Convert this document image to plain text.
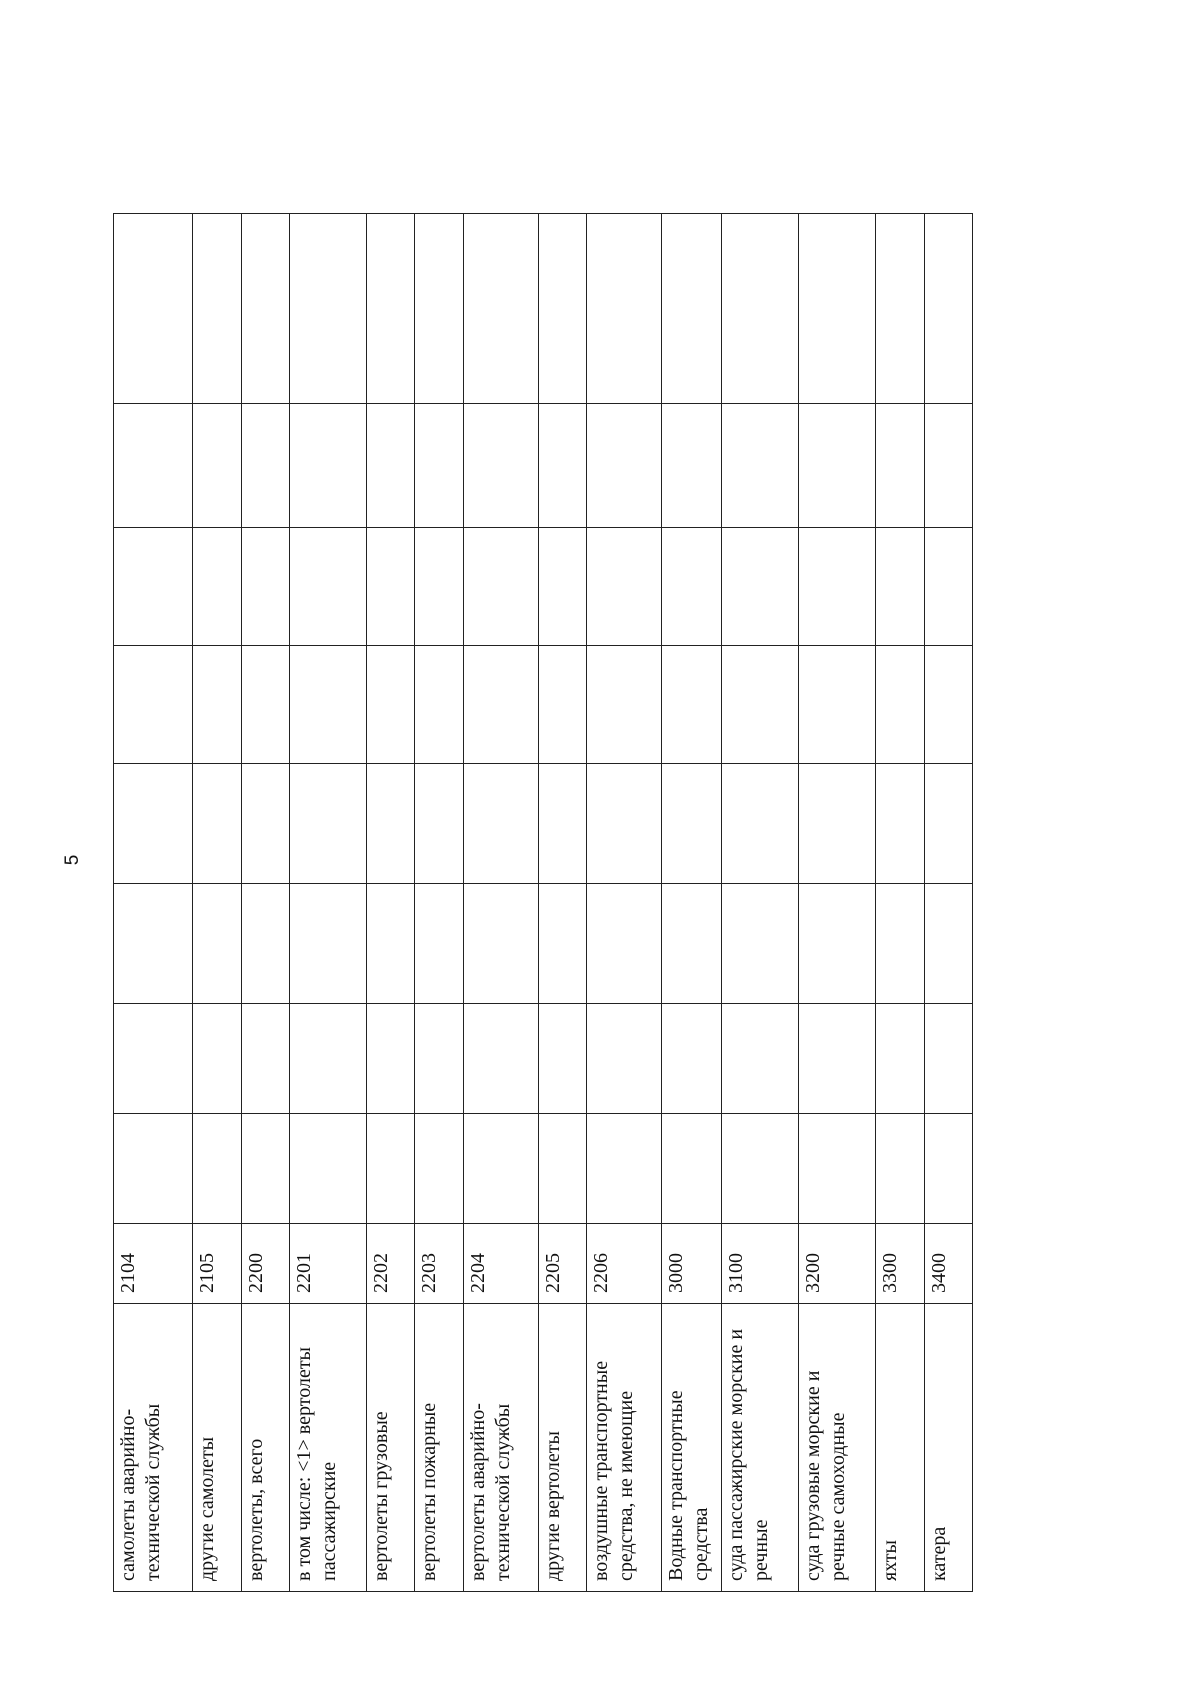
5
самолеты аварийно-технической службы	2104								
другие самолеты	2105								
вертолеты, всего	2200								
в том числе: <1> вертолеты пассажирские	2201								
вертолеты грузовые	2202								
вертолеты пожарные	2203								
вертолеты аварийно-технической службы	2204								
другие вертолеты	2205								
воздушные транспортные средства, не имеющие	2206								
Водные транспортные средства	3000								
суда пассажирские морские и речные	3100								
суда грузовые морские и речные самоходные	3200								
яхты	3300								
катера	3400								
